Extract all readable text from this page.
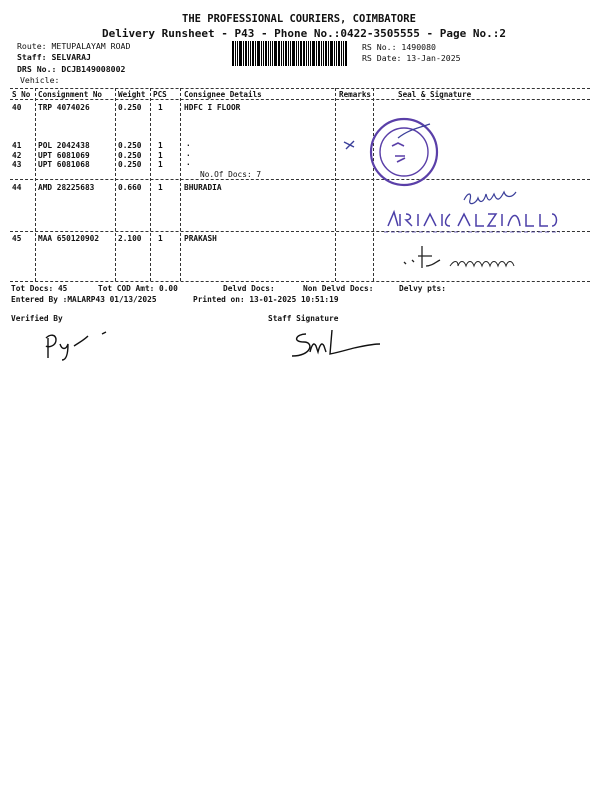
THE PROFESSIONAL COURIERS, COIMBATORE
Delivery Runsheet - P43 - Phone No.:0422-3505555 - Page No.:2
Route: METUPALAYAM ROAD
Staff: SELVARAJ
DRS No.: DCJB149008002
Vehicle:
RS No.: 1490080
RS Date: 13-Jan-2025
S No Consignment No Weight PCS Consignee Details	Remarks	Seal & Signature
40 TRP 4074026	0.250 1	HDFC I FLOOR
41 POL 2042438	0.250 1	.
42 UPT 6081069	0.250 1	.
43 UPT 6081068	0.250 1	.
No.Of Docs: 7
44 AMD 28225683	0.660 1	BHURADIA
45 MAA 650120902 2.100 1	PRAKASH
Tot Docs: 45	Tot COD Amt: 0.00	Delvd Docs:	Non Delvd Docs:	Delvy pts:
Entered By :MALARP43 01/13/2025	Printed on: 13-01-2025 10:51:19
Verified By	Staff Signature
